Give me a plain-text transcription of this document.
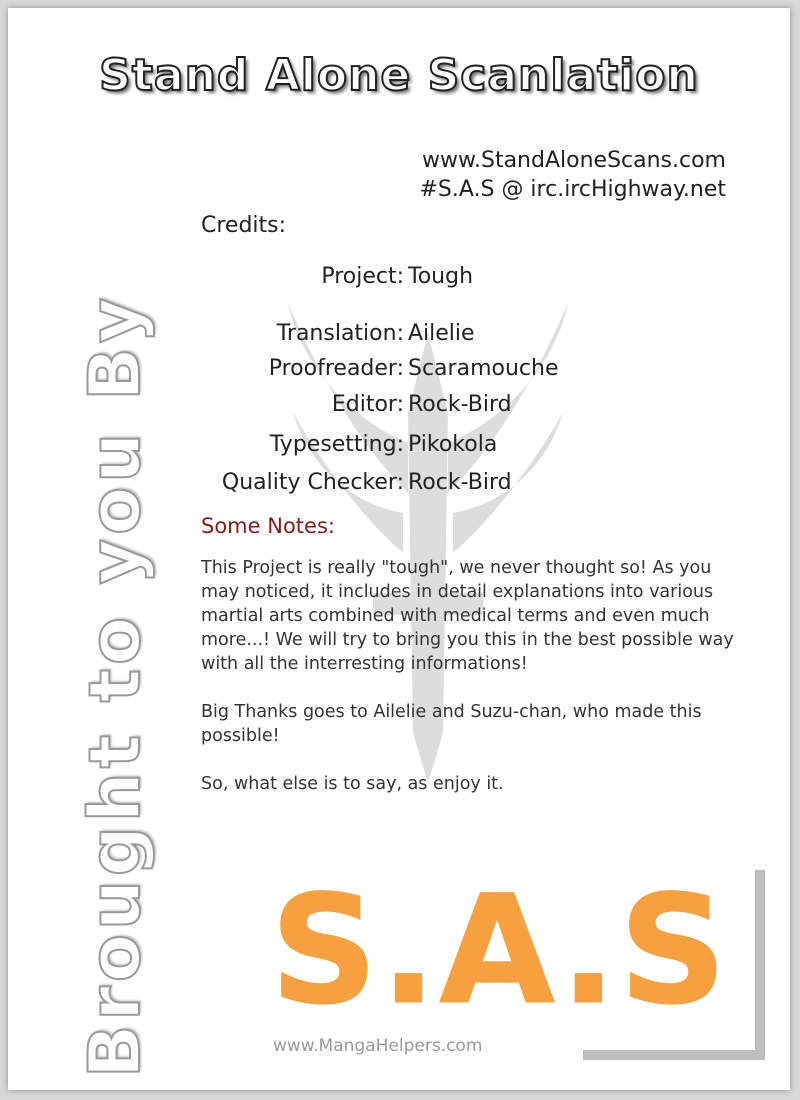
Stand Alone Scanlation
Brought to you By
www.StandAloneScans.com
#S.A.S @ irc.ircHighway.net
Credits:
Project: Tough
Translation: Ailelie
Proofreader: Scaramouche
Editor: Rock-Bird
Typesetting: Pikokola
Quality Checker: Rock-Bird
Some Notes:

This Project is really "tough", we never thought so! As you may noticed, it includes in detail explanations into various martial arts combined with medical terms and even much more...! We will try to bring you this in the best possible way with all the interresting informations!

Big Thanks goes to Ailelie and Suzu-chan, who made this possible!

So, what else is to say, as enjoy it.

S.A.S
www.MangaHelpers.com
